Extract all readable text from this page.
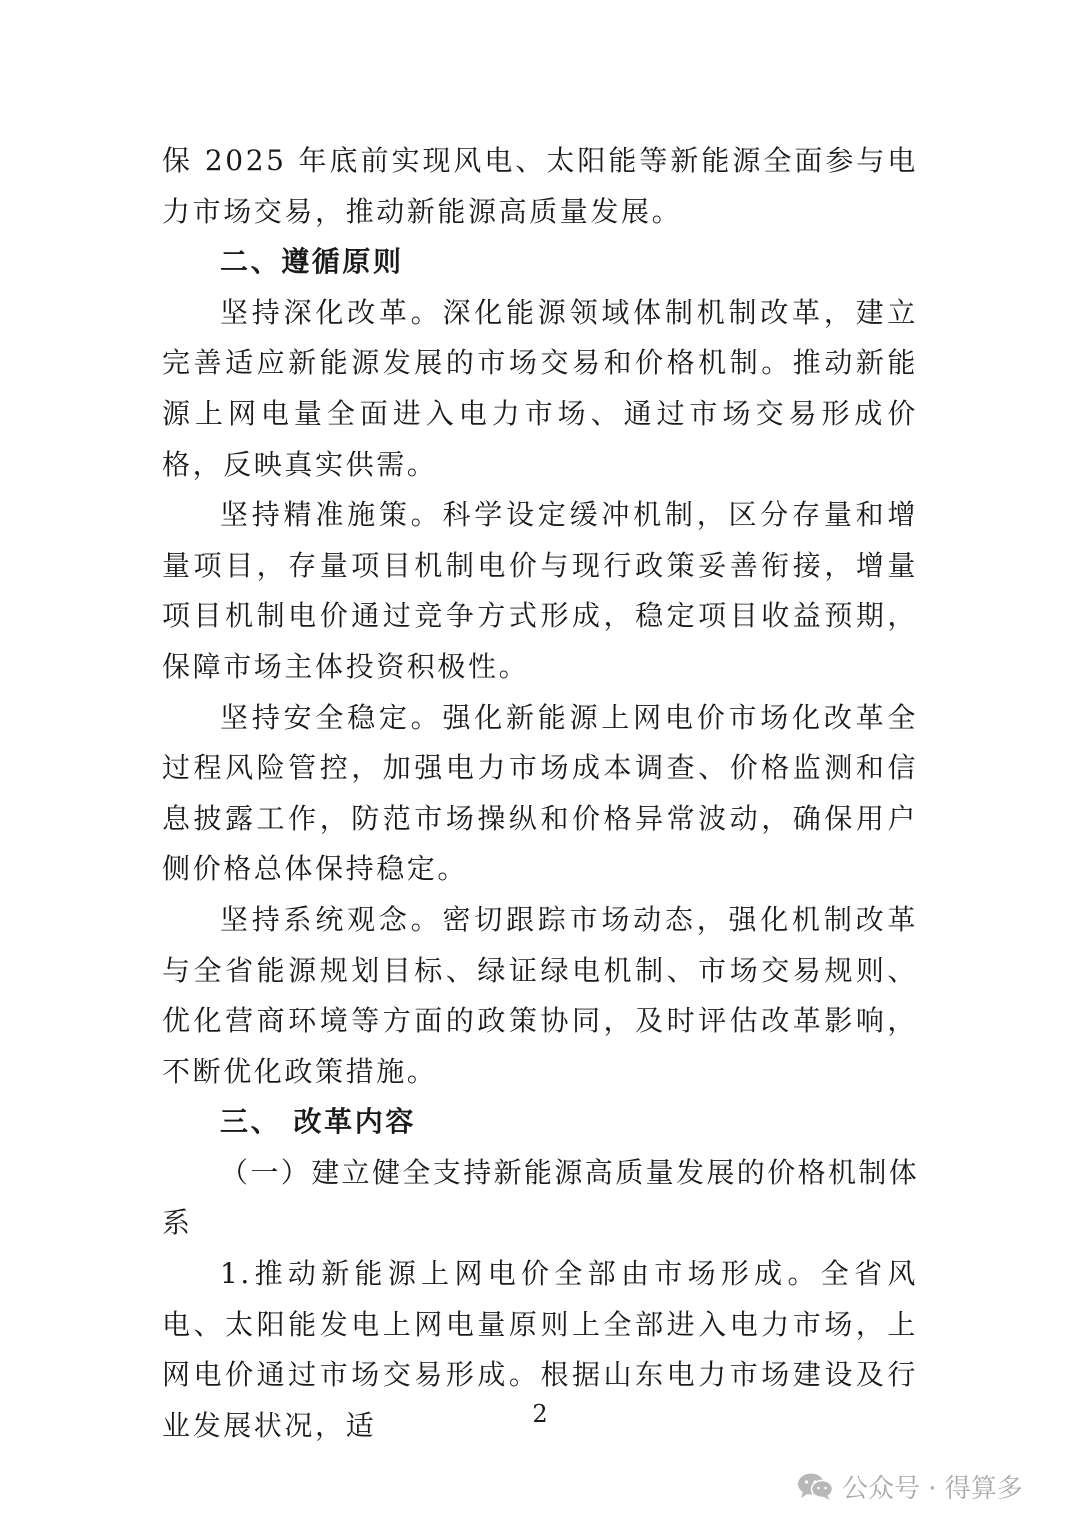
保 2025 年底前实现风电、太阳能等新能源全面参与电力市场交易，推动新能源高质量发展。

二、遵循原则

坚持深化改革。深化能源领域体制机制改革，建立完善适应新能源发展的市场交易和价格机制。推动新能源上网电量全面进入电力市场、通过市场交易形成价格，反映真实供需。

坚持精准施策。科学设定缓冲机制，区分存量和增量项目，存量项目机制电价与现行政策妥善衔接，增量项目机制电价通过竞争方式形成，稳定项目收益预期，保障市场主体投资积极性。

坚持安全稳定。强化新能源上网电价市场化改革全过程风险管控，加强电力市场成本调查、价格监测和信息披露工作，防范市场操纵和价格异常波动，确保用户侧价格总体保持稳定。

坚持系统观念。密切跟踪市场动态，强化机制改革与全省能源规划目标、绿证绿电机制、市场交易规则、优化营商环境等方面的政策协同，及时评估改革影响，不断优化政策措施。

三、 改革内容

（一）建立健全支持新能源高质量发展的价格机制体系

1.推动新能源上网电价全部由市场形成。全省风电、太阳能发电上网电量原则上全部进入电力市场，上网电价通过市场交易形成。根据山东电力市场建设及行业发展状况，适	2
公众号 · 得算多
